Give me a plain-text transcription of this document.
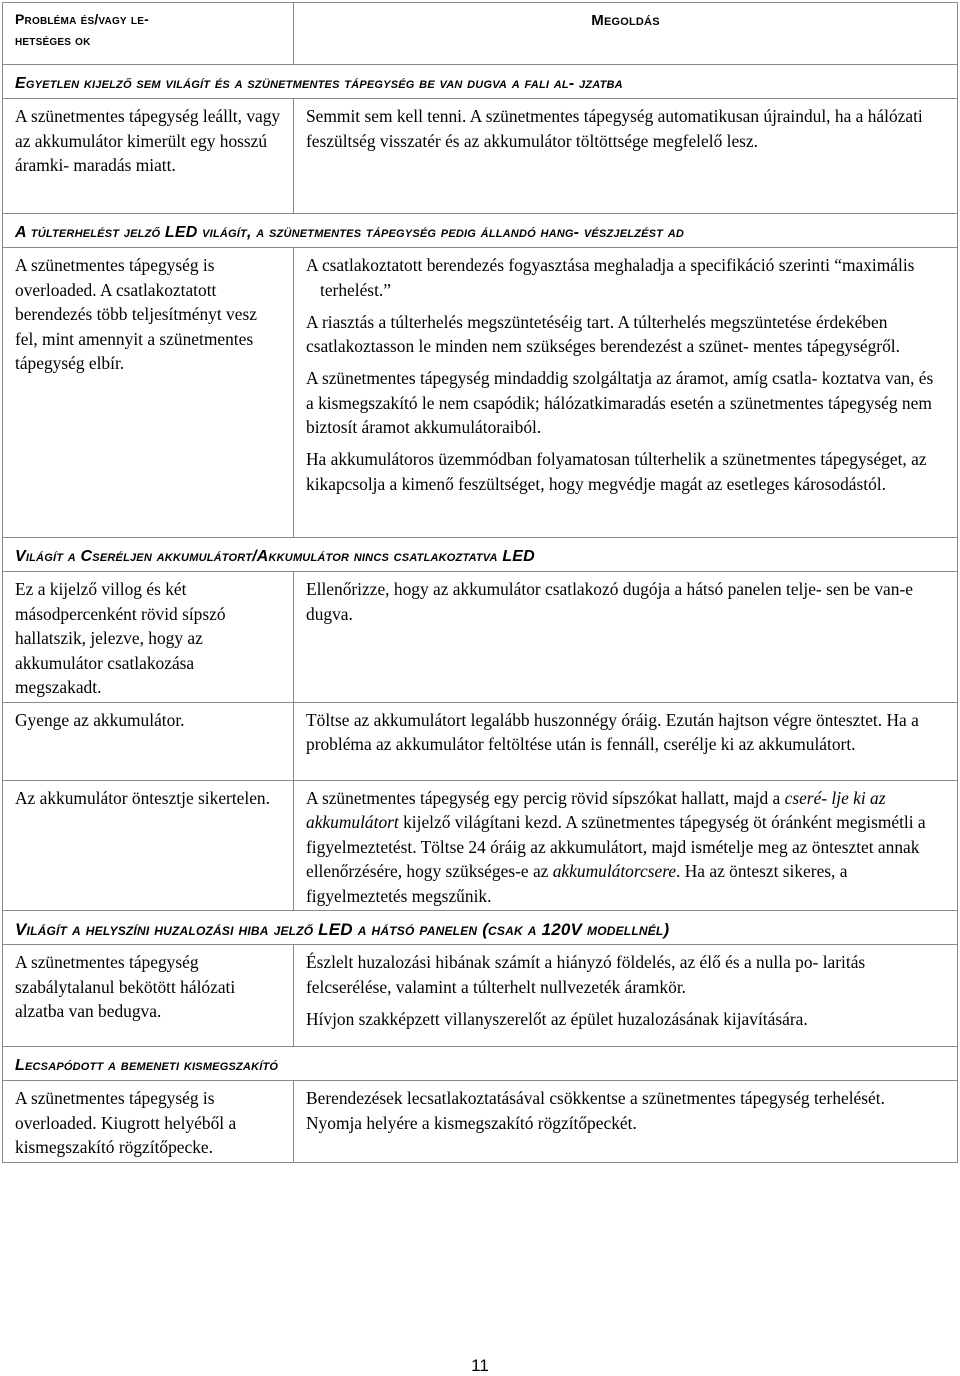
Probléma és/vagy le-
hetséges ok	Megoldás
Egyetlen kijelző sem világít és a szünetmentes tápegység be van dugva a fali al- jzatba	
A szünetmentes tápegység leállt, vagy az akkumulátor kimerült egy hosszú áramki- maradás miatt.	Semmit sem kell tenni. A szünetmentes tápegység automatikusan újraindul, ha a hálózati feszültség visszatér és az akkumulátor töltöttsége megfelelő lesz.

A túlterhelést jelző LED világít, a szünetmentes tápegység pedig állandó hang- vészjelzést ad	
A szünetmentes tápegység is overloaded. A csatlakoztatott berendezés több teljesítményt vesz fel, mint amennyit a szünetmentes tápegység elbír.	A csatlakoztatott berendezés fogyasztása meghaladja a specifikáció szerinti “maximális terhelést.”

A riasztás a túlterhelés megszüntetéséig tart. A túlterhelés megszüntetése érdekében csatlakoztasson le minden nem szükséges berendezést a szünet- mentes tápegységről.

A szünetmentes tápegység mindaddig szolgáltatja az áramot, amíg csatla- koztatva van, és a kismegszakító le nem csapódik; hálózatkimaradás esetén a szünetmentes tápegység nem biztosít áramot akkumulátoraiból.

Ha akkumulátoros üzemmódban folyamatosan túlterhelik a szünetmentes tápegységet, az kikapcsolja a kimenő feszültséget, hogy megvédje magát az esetleges károsodástól.

Világít a Cseréljen akkumulátort/Akkumulátor nincs csatlakoztatva LED	
Ez a kijelző villog és két másodpercenként rövid sípszó hallatszik, jelezve, hogy az akkumulátor csatlakozása megszakadt.	Ellenőrizze, hogy az akkumulátor csatlakozó dugója a hátsó panelen telje- sen be van-e dugva.

Gyenge az akkumulátor.	Töltse az akkumulátort legalább huszonnégy óráig. Ezután hajtson végre öntesztet. Ha a probléma az akkumulátor feltöltése után is fennáll, cserélje ki az akkumulátort.

Az akkumulátor öntesztje sikertelen.	A szünetmentes tápegység egy percig rövid sípszókat hallatt, majd a cseré- lje ki az akkumulátort kijelző világítani kezd. A szünetmentes tápegység öt óránként megismétli a figyelmeztetést. Töltse 24 óráig az akkumulátort, majd ismételje meg az öntesztet annak ellenőrzésére, hogy szükséges-e az akkumulátorcsere. Ha az önteszt sikeres, a figyelmeztetés megszűnik.

Világít a helyszíni huzalozási hiba jelző LED a hátsó panelen (csak a 120V modellnél)	
A szünetmentes tápegység szabálytalanul bekötött hálózati alzatba van bedugva.	Észlelt huzalozási hibának számít a hiányzó földelés, az élő és a nulla po- laritás felcserélése, valamint a túlterhelt nullvezeték áramkör.

Hívjon szakképzett villanyszerelőt az épület huzalozásának kijavítására.

Lecsapódott a bemeneti kismegszakító	
A szünetmentes tápegység is overloaded. Kiugrott helyéből a kismegszakító rögzítőpecke.	Berendezések lecsatlakoztatásával csökkentse a szünetmentes tápegység terhelését. Nyomja helyére a kismegszakító rögzítőpeckét.

11
